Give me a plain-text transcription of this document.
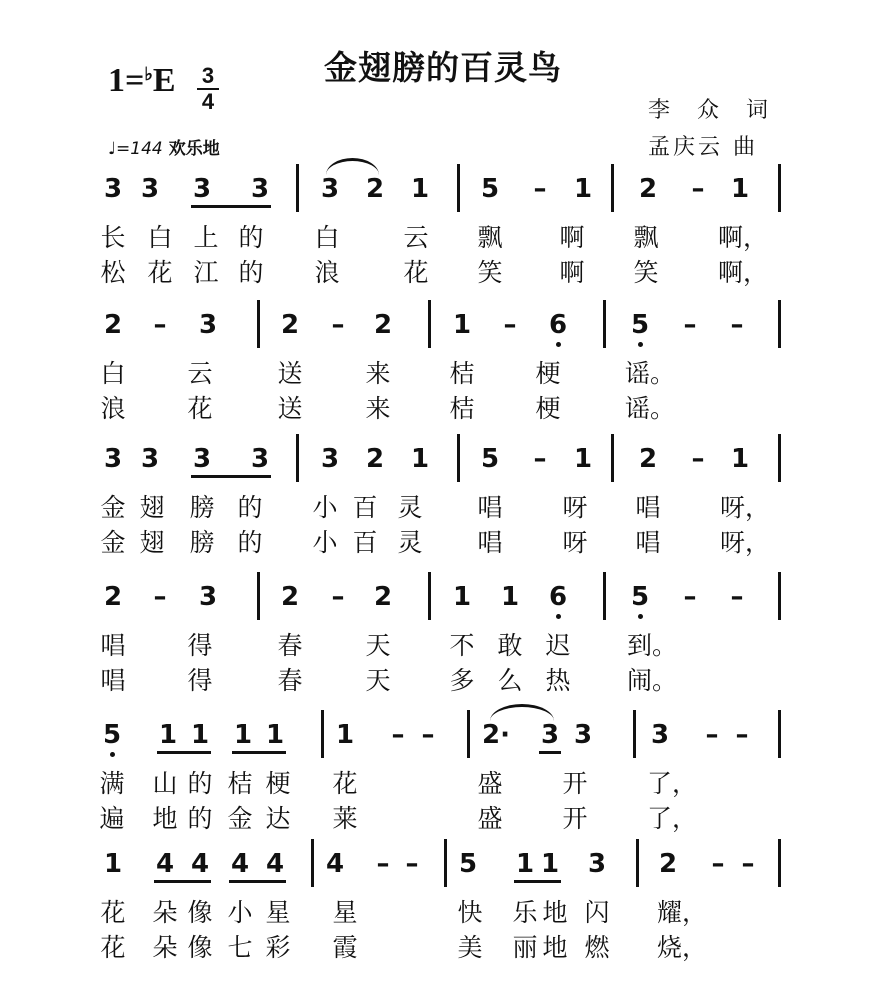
金翅膀的百灵鸟
1=♭E 3
4	李 众 词
孟庆云 曲
♩=144 欢乐地
3 3 3 3 3 2 1 5 – 1 2 – 1
长 白 上 的 白	云 飘 啊 飘 啊，
松 花 江 的 浪	花 笑 啊 笑 啊，
2 – 3 2 – 2 1 – 6 5 – –
白 云	送	来 桔 梗	谣。
浪 花	送	来 桔 梗	谣。
3 3 3 3 3 2 1 5 – 1 2 – 1
金 翅 膀 的 小 百 灵 唱 呀 唱 呀，
金 翅 膀 的 小 百 灵 唱 呀 唱 呀，
2 – 3 2 – 2 1 1 6 5 – –
唱 得	春	天 不 敢 迟 到。
唱 得	春	天 多 么 热 闹。
5 1 1 1 1 1 – – 2· 3 3 3 – –
满 山 的 桔 梗 花	盛 开 了，
遍 地 的 金 达 莱	盛 开 了，
1 4 4 4 4 4 – – 5 1 1 3 2 – –
花 朵 像 小 星 星	快 乐 地 闪 耀，
花 朵 像 七 彩 霞	美 丽 地 燃 烧，
